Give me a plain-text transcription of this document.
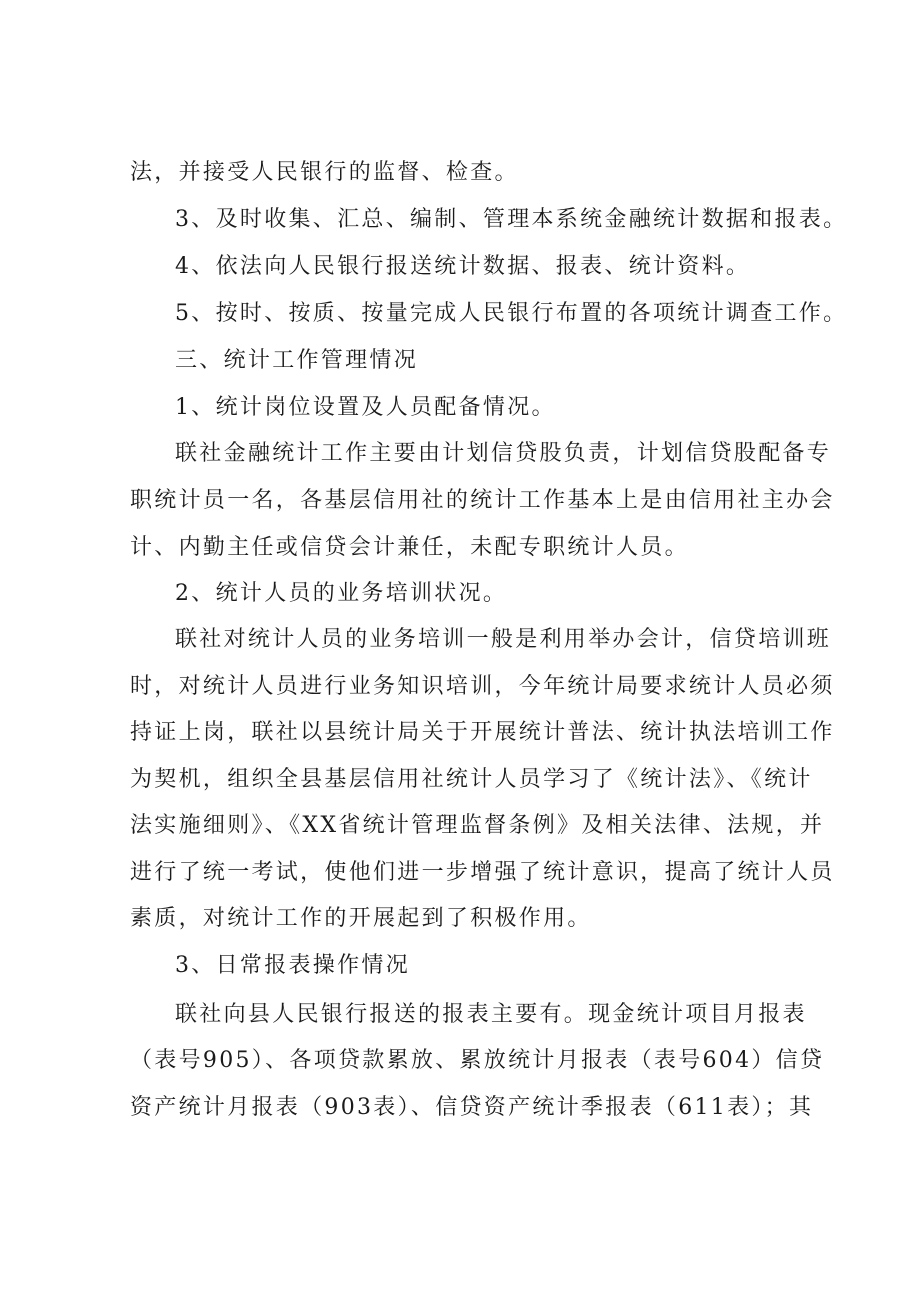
法，并接受人民银行的监督、检查。
3、及时收集、汇总、编制、管理本系统金融统计数据和报表。
4、依法向人民银行报送统计数据、报表、统计资料。
5、按时、按质、按量完成人民银行布置的各项统计调查工作。
三、统计工作管理情况
1、统计岗位设置及人员配备情况。
联社金融统计工作主要由计划信贷股负责，计划信贷股配备专
职统计员一名，各基层信用社的统计工作基本上是由信用社主办会
计、内勤主任或信贷会计兼任，未配专职统计人员。
2、统计人员的业务培训状况。
联社对统计人员的业务培训一般是利用举办会计，信贷培训班
时，对统计人员进行业务知识培训，今年统计局要求统计人员必须
持证上岗，联社以县统计局关于开展统计普法、统计执法培训工作
为契机，组织全县基层信用社统计人员学习了《统计法》、《统计
法实施细则》、《XX省统计管理监督条例》及相关法律、法规，并
进行了统一考试，使他们进一步增强了统计意识，提高了统计人员
素质，对统计工作的开展起到了积极作用。
3、日常报表操作情况
联社向县人民银行报送的报表主要有。现金统计项目月报表
（表号905）、各项贷款累放、累放统计月报表（表号604）信贷
资产统计月报表（903表）、信贷资产统计季报表（611表）；其
